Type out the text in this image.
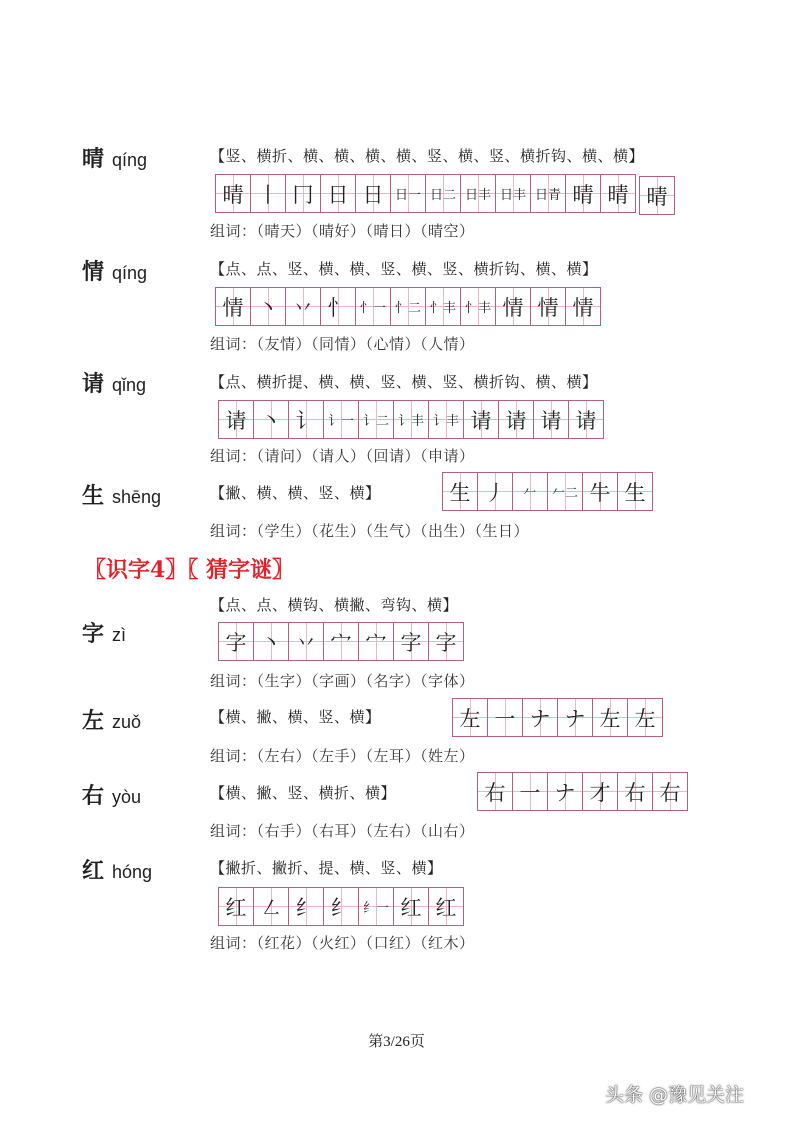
〖识字4〗〖 猜字谜〗
第3/26页
头条 @豫见关注
晴 qíng	【竖、横折、横、横、横、横、竖、横、竖、横折钩、横、横】
晴 丨 冂 日 日 日一 日二 日丰 日丰 日青 晴 晴 晴
组词：（晴天）（晴好）（晴日）（晴空）
情 qíng	【点、点、竖、横、横、竖、横、竖、横折钩、横、横】
情 丶 丷 忄 忄一 忄二 忄丰 忄丰 情 情 情
组词：（友情）（同情）（心情）（人情）
请 qǐng	【点、横折提、横、横、竖、横、竖、横折钩、横、横】
请 丶 讠 讠一 讠二 讠丰 讠丰 请 请 请 请
组词：（请问）（请人）（回请）（申请）
生 shēng	【撇、横、横、竖、横】	生 丿	𠂉	𠂉二 牛 生
组词：（学生）（花生）（生气）（出生）（生日）
字 zì
【点、点、横钩、横撇、弯钩、横】
字 丶 丷 宀 宀 字 字
组词：（生字）（字画）（名字）（字体）
左 zuǒ	【横、撇、横、竖、横】	左 一 ナ ナ 左 左
组词：（左右）（左手）（左耳）（姓左）
右 yòu	【横、撇、竖、横折、横】	右 一 ナ 才 右 右
组词：（右手）（右耳）（左右）（山右）
红 hóng	【撇折、撇折、提、横、竖、横】
红 ㇜ 纟 纟 纟一 红 红
组词：（红花）（火红）（口红）（红木）
